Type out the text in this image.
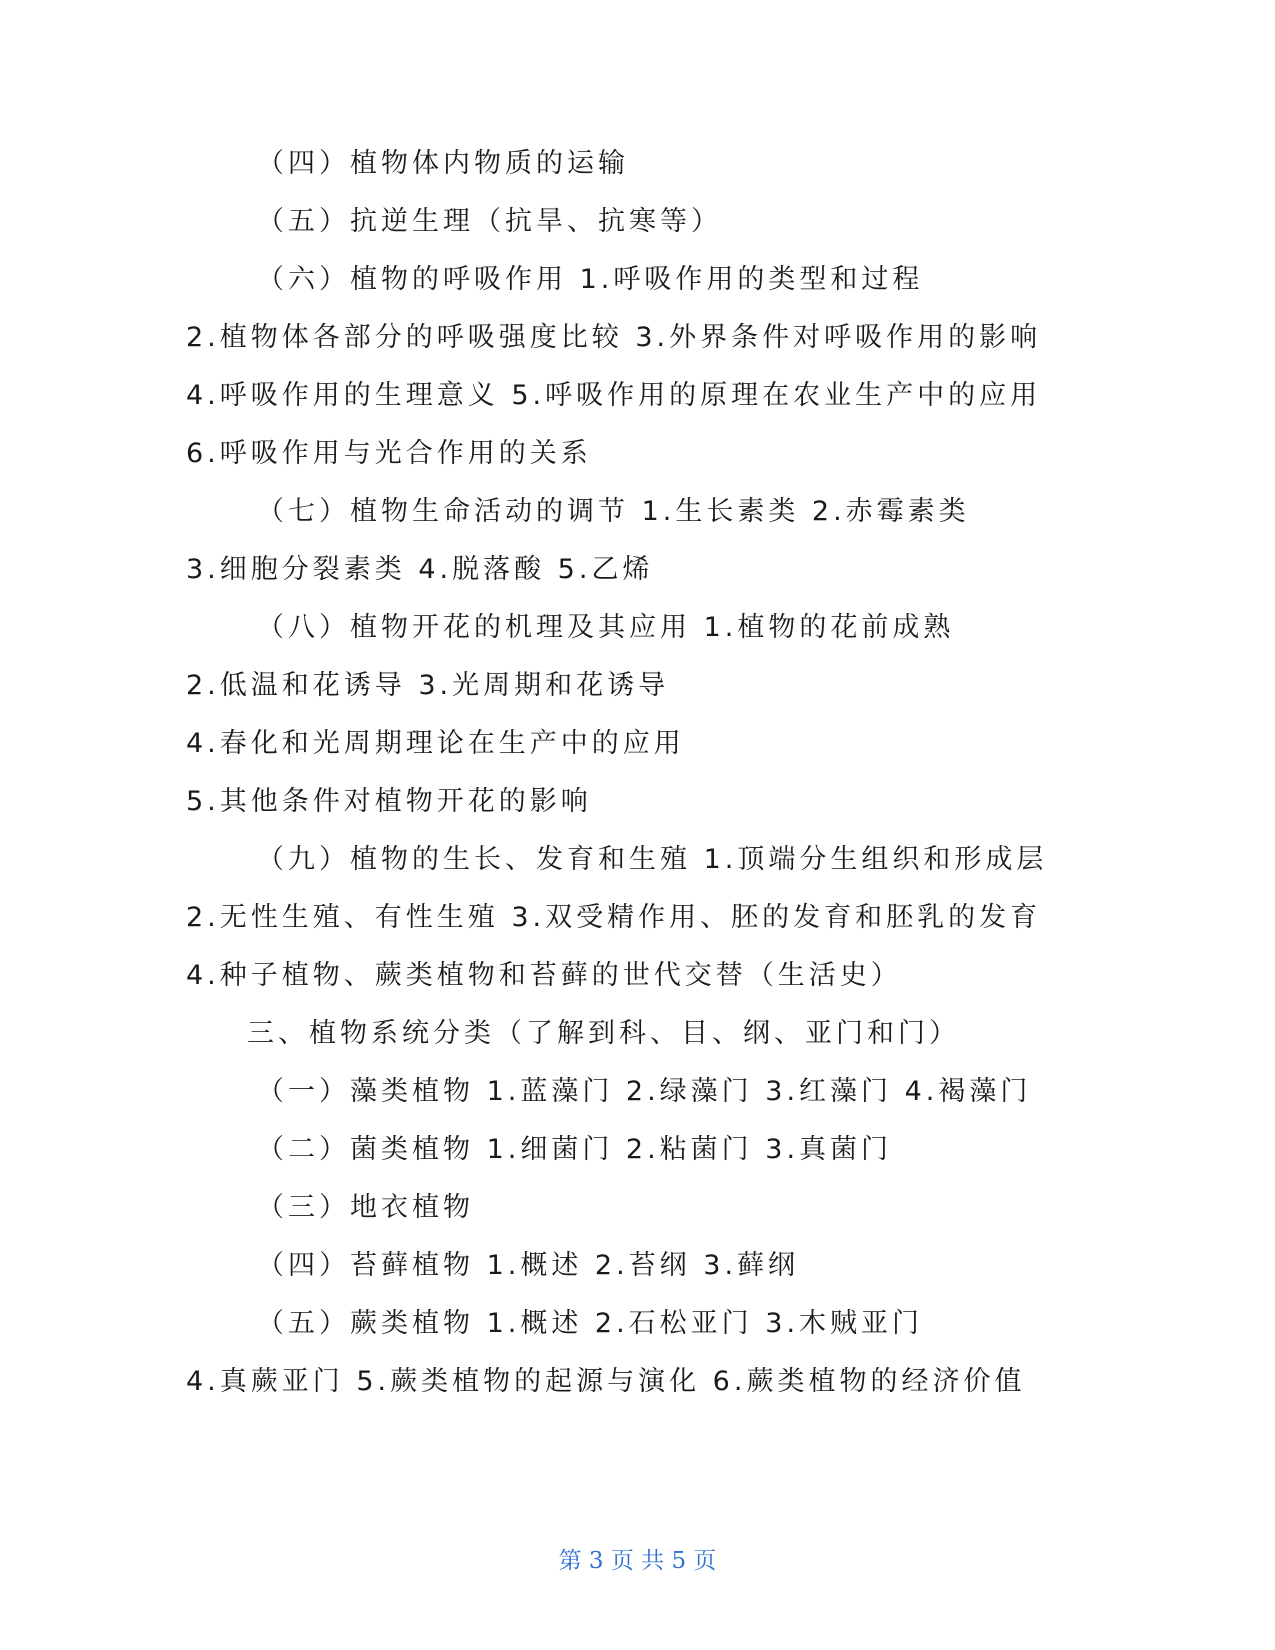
（四）植物体内物质的运输
（五）抗逆生理（抗旱、抗寒等）
（六）植物的呼吸作用 1.呼吸作用的类型和过程
2.植物体各部分的呼吸强度比较 3.外界条件对呼吸作用的影响
4.呼吸作用的生理意义 5.呼吸作用的原理在农业生产中的应用
6.呼吸作用与光合作用的关系
（七）植物生命活动的调节 1.生长素类 2.赤霉素类
3.细胞分裂素类 4.脱落酸 5.乙烯
（八）植物开花的机理及其应用 1.植物的花前成熟
2.低温和花诱导 3.光周期和花诱导
4.春化和光周期理论在生产中的应用
5.其他条件对植物开花的影响
（九）植物的生长、发育和生殖 1.顶端分生组织和形成层
2.无性生殖、有性生殖 3.双受精作用、胚的发育和胚乳的发育
4.种子植物、蕨类植物和苔藓的世代交替（生活史）
三、植物系统分类（了解到科、目、纲、亚门和门）
（一）藻类植物 1.蓝藻门 2.绿藻门 3.红藻门 4.褐藻门
（二）菌类植物 1.细菌门 2.粘菌门 3.真菌门
（三）地衣植物
（四）苔藓植物 1.概述 2.苔纲 3.藓纲
（五）蕨类植物 1.概述 2.石松亚门 3.木贼亚门
4.真蕨亚门 5.蕨类植物的起源与演化 6.蕨类植物的经济价值
第 3 页 共 5 页
